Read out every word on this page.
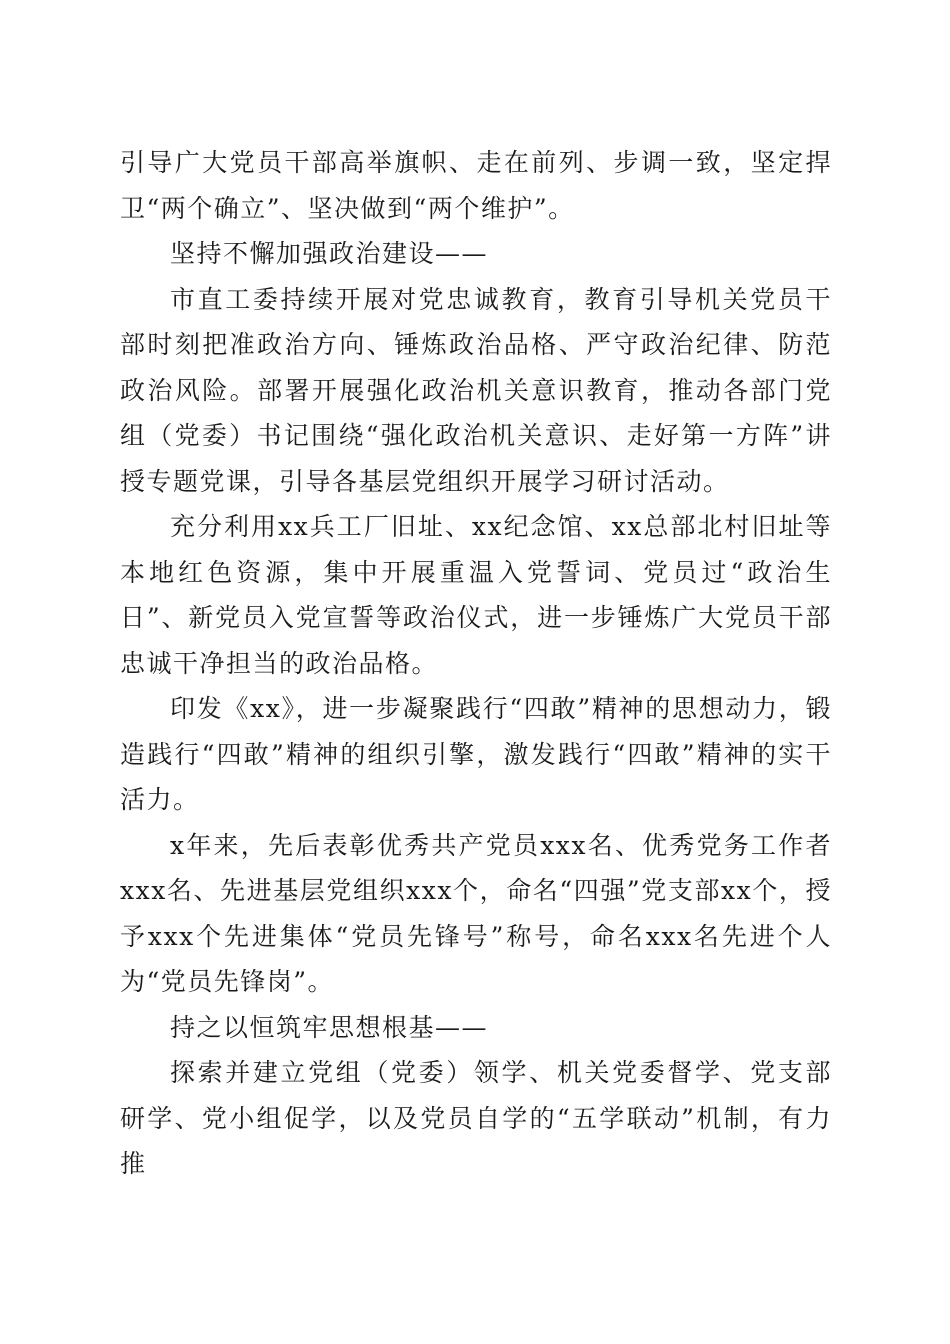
引导广大党员干部高举旗帜、走在前列、步调一致，坚定捍卫“两个确立”、坚决做到“两个维护”。

坚持不懈加强政治建设——

市直工委持续开展对党忠诚教育，教育引导机关党员干部时刻把准政治方向、锤炼政治品格、严守政治纪律、防范政治风险。部署开展强化政治机关意识教育，推动各部门党组（党委）书记围绕“强化政治机关意识、走好第一方阵”讲授专题党课，引导各基层党组织开展学习研讨活动。

充分利用xx兵工厂旧址、xx纪念馆、xx总部北村旧址等本地红色资源，集中开展重温入党誓词、党员过“政治生日”、新党员入党宣誓等政治仪式，进一步锤炼广大党员干部忠诚干净担当的政治品格。

印发《xx》，进一步凝聚践行“四敢”精神的思想动力，锻造践行“四敢”精神的组织引擎，激发践行“四敢”精神的实干活力。

x年来，先后表彰优秀共产党员xxx名、优秀党务工作者xxx名、先进基层党组织xxx个，命名“四强”党支部xx个，授予xxx个先进集体“党员先锋号”称号，命名xxx名先进个人为“党员先锋岗”。

持之以恒筑牢思想根基——

探索并建立党组（党委）领学、机关党委督学、党支部研学、党小组促学，以及党员自学的“五学联动”机制，有力推
